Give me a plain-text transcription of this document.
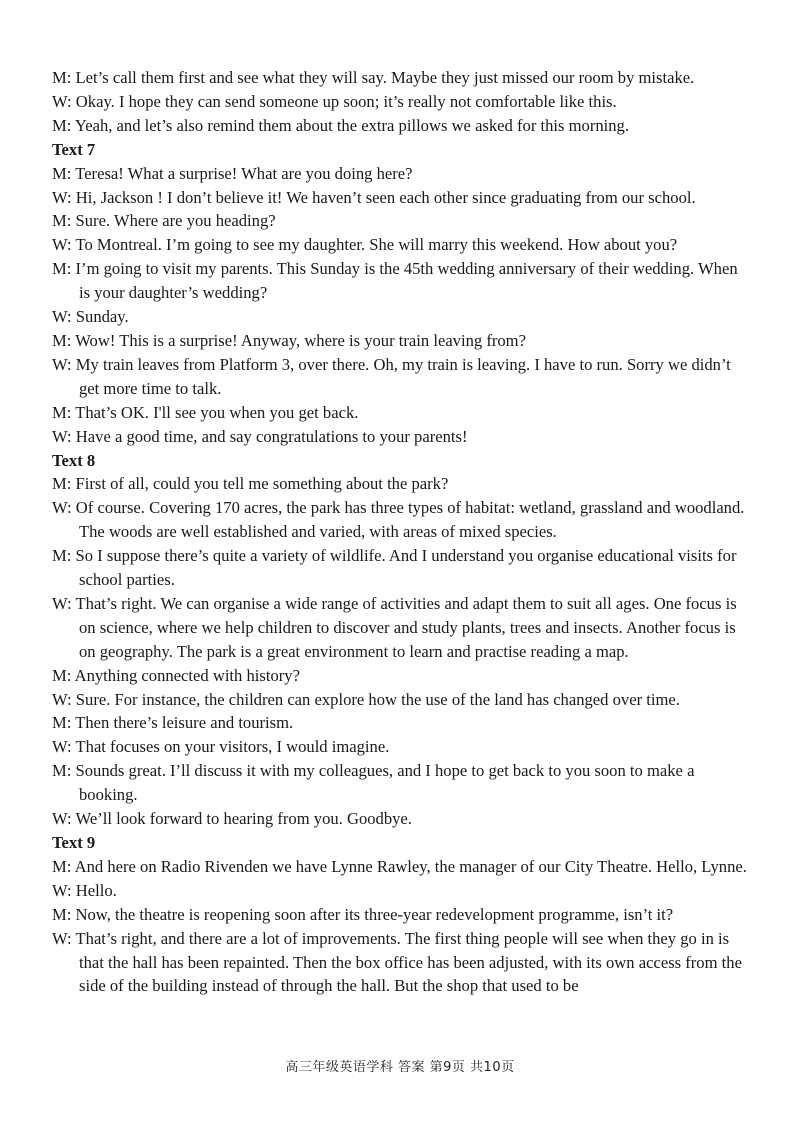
M: Let’s call them first and see what they will say. Maybe they just missed our room by mistake.

W: Okay. I hope they can send someone up soon; it’s really not comfortable like this.

M: Yeah, and let’s also remind them about the extra pillows we asked for this morning.

Text 7

M: Teresa! What a surprise! What are you doing here?

W: Hi, Jackson ! I don’t believe it! We haven’t seen each other since graduating from our school.

M: Sure. Where are you heading?

W: To Montreal. I’m going to see my daughter. She will marry this weekend. How about you?

M: I’m going to visit my parents. This Sunday is the 45th wedding anniversary of their wedding. When is your daughter’s wedding?

W: Sunday.

M: Wow! This is a surprise! Anyway, where is your train leaving from?

W: My train leaves from Platform 3, over there. Oh, my train is leaving. I have to run. Sorry we didn’t get more time to talk.

M: That’s OK. I'll see you when you get back.

W: Have a good time, and say congratulations to your parents!

Text 8

M: First of all, could you tell me something about the park?

W: Of course. Covering 170 acres, the park has three types of habitat: wetland, grassland and woodland. The woods are well established and varied, with areas of mixed species.

M: So I suppose there’s quite a variety of wildlife. And I understand you organise educational visits for school parties.

W: That’s right. We can organise a wide range of activities and adapt them to suit all ages. One focus is on science, where we help children to discover and study plants, trees and insects. Another focus is on geography. The park is a great environment to learn and practise reading a map.

M: Anything connected with history?

W: Sure. For instance, the children can explore how the use of the land has changed over time.

M: Then there’s leisure and tourism.

W: That focuses on your visitors, I would imagine.

M: Sounds great. I’ll discuss it with my colleagues, and I hope to get back to you soon to make a booking.

W: We’ll look forward to hearing from you. Goodbye.

Text 9

M: And here on Radio Rivenden we have Lynne Rawley, the manager of our City Theatre. Hello, Lynne.

W: Hello.

M: Now, the theatre is reopening soon after its three-year redevelopment programme, isn’t it?

W: That’s right, and there are a lot of improvements. The first thing people will see when they go in is that the hall has been repainted. Then the box office has been adjusted, with its own access from the side of the building instead of through the hall. But the shop that used to be

高三年级英语学科 答案 第9页 共10页
